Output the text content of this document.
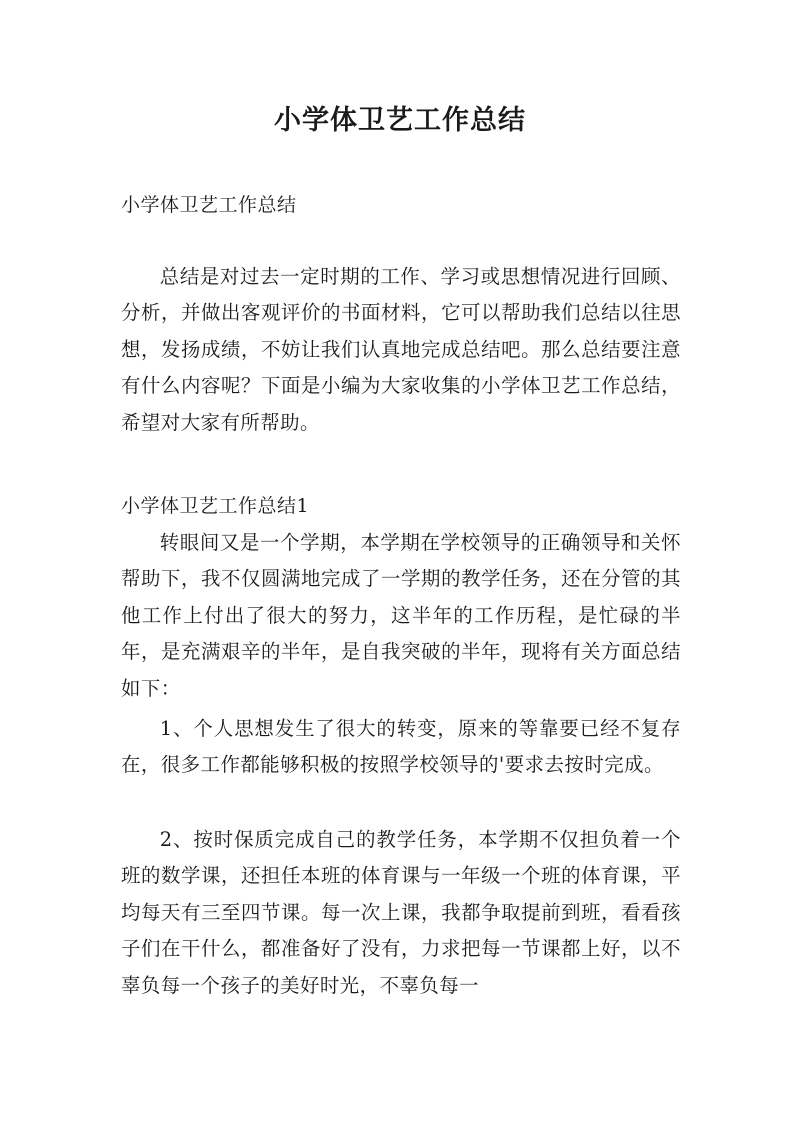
小学体卫艺工作总结

小学体卫艺工作总结

总结是对过去一定时期的工作、学习或思想情况进行回顾、分析，并做出客观评价的书面材料，它可以帮助我们总结以往思想，发扬成绩，不妨让我们认真地完成总结吧。那么总结要注意有什么内容呢？下面是小编为大家收集的小学体卫艺工作总结，希望对大家有所帮助。

小学体卫艺工作总结1

转眼间又是一个学期，本学期在学校领导的正确领导和关怀帮助下，我不仅圆满地完成了一学期的教学任务，还在分管的其他工作上付出了很大的努力，这半年的工作历程，是忙碌的半年，是充满艰辛的半年，是自我突破的半年，现将有关方面总结如下：

1、个人思想发生了很大的转变，原来的等靠要已经不复存在，很多工作都能够积极的按照学校领导的'要求去按时完成。

2、按时保质完成自己的教学任务，本学期不仅担负着一个班的数学课，还担任本班的体育课与一年级一个班的体育课，平均每天有三至四节课。每一次上课，我都争取提前到班，看看孩子们在干什么，都准备好了没有，力求把每一节课都上好，以不辜负每一个孩子的美好时光，不辜负每一
